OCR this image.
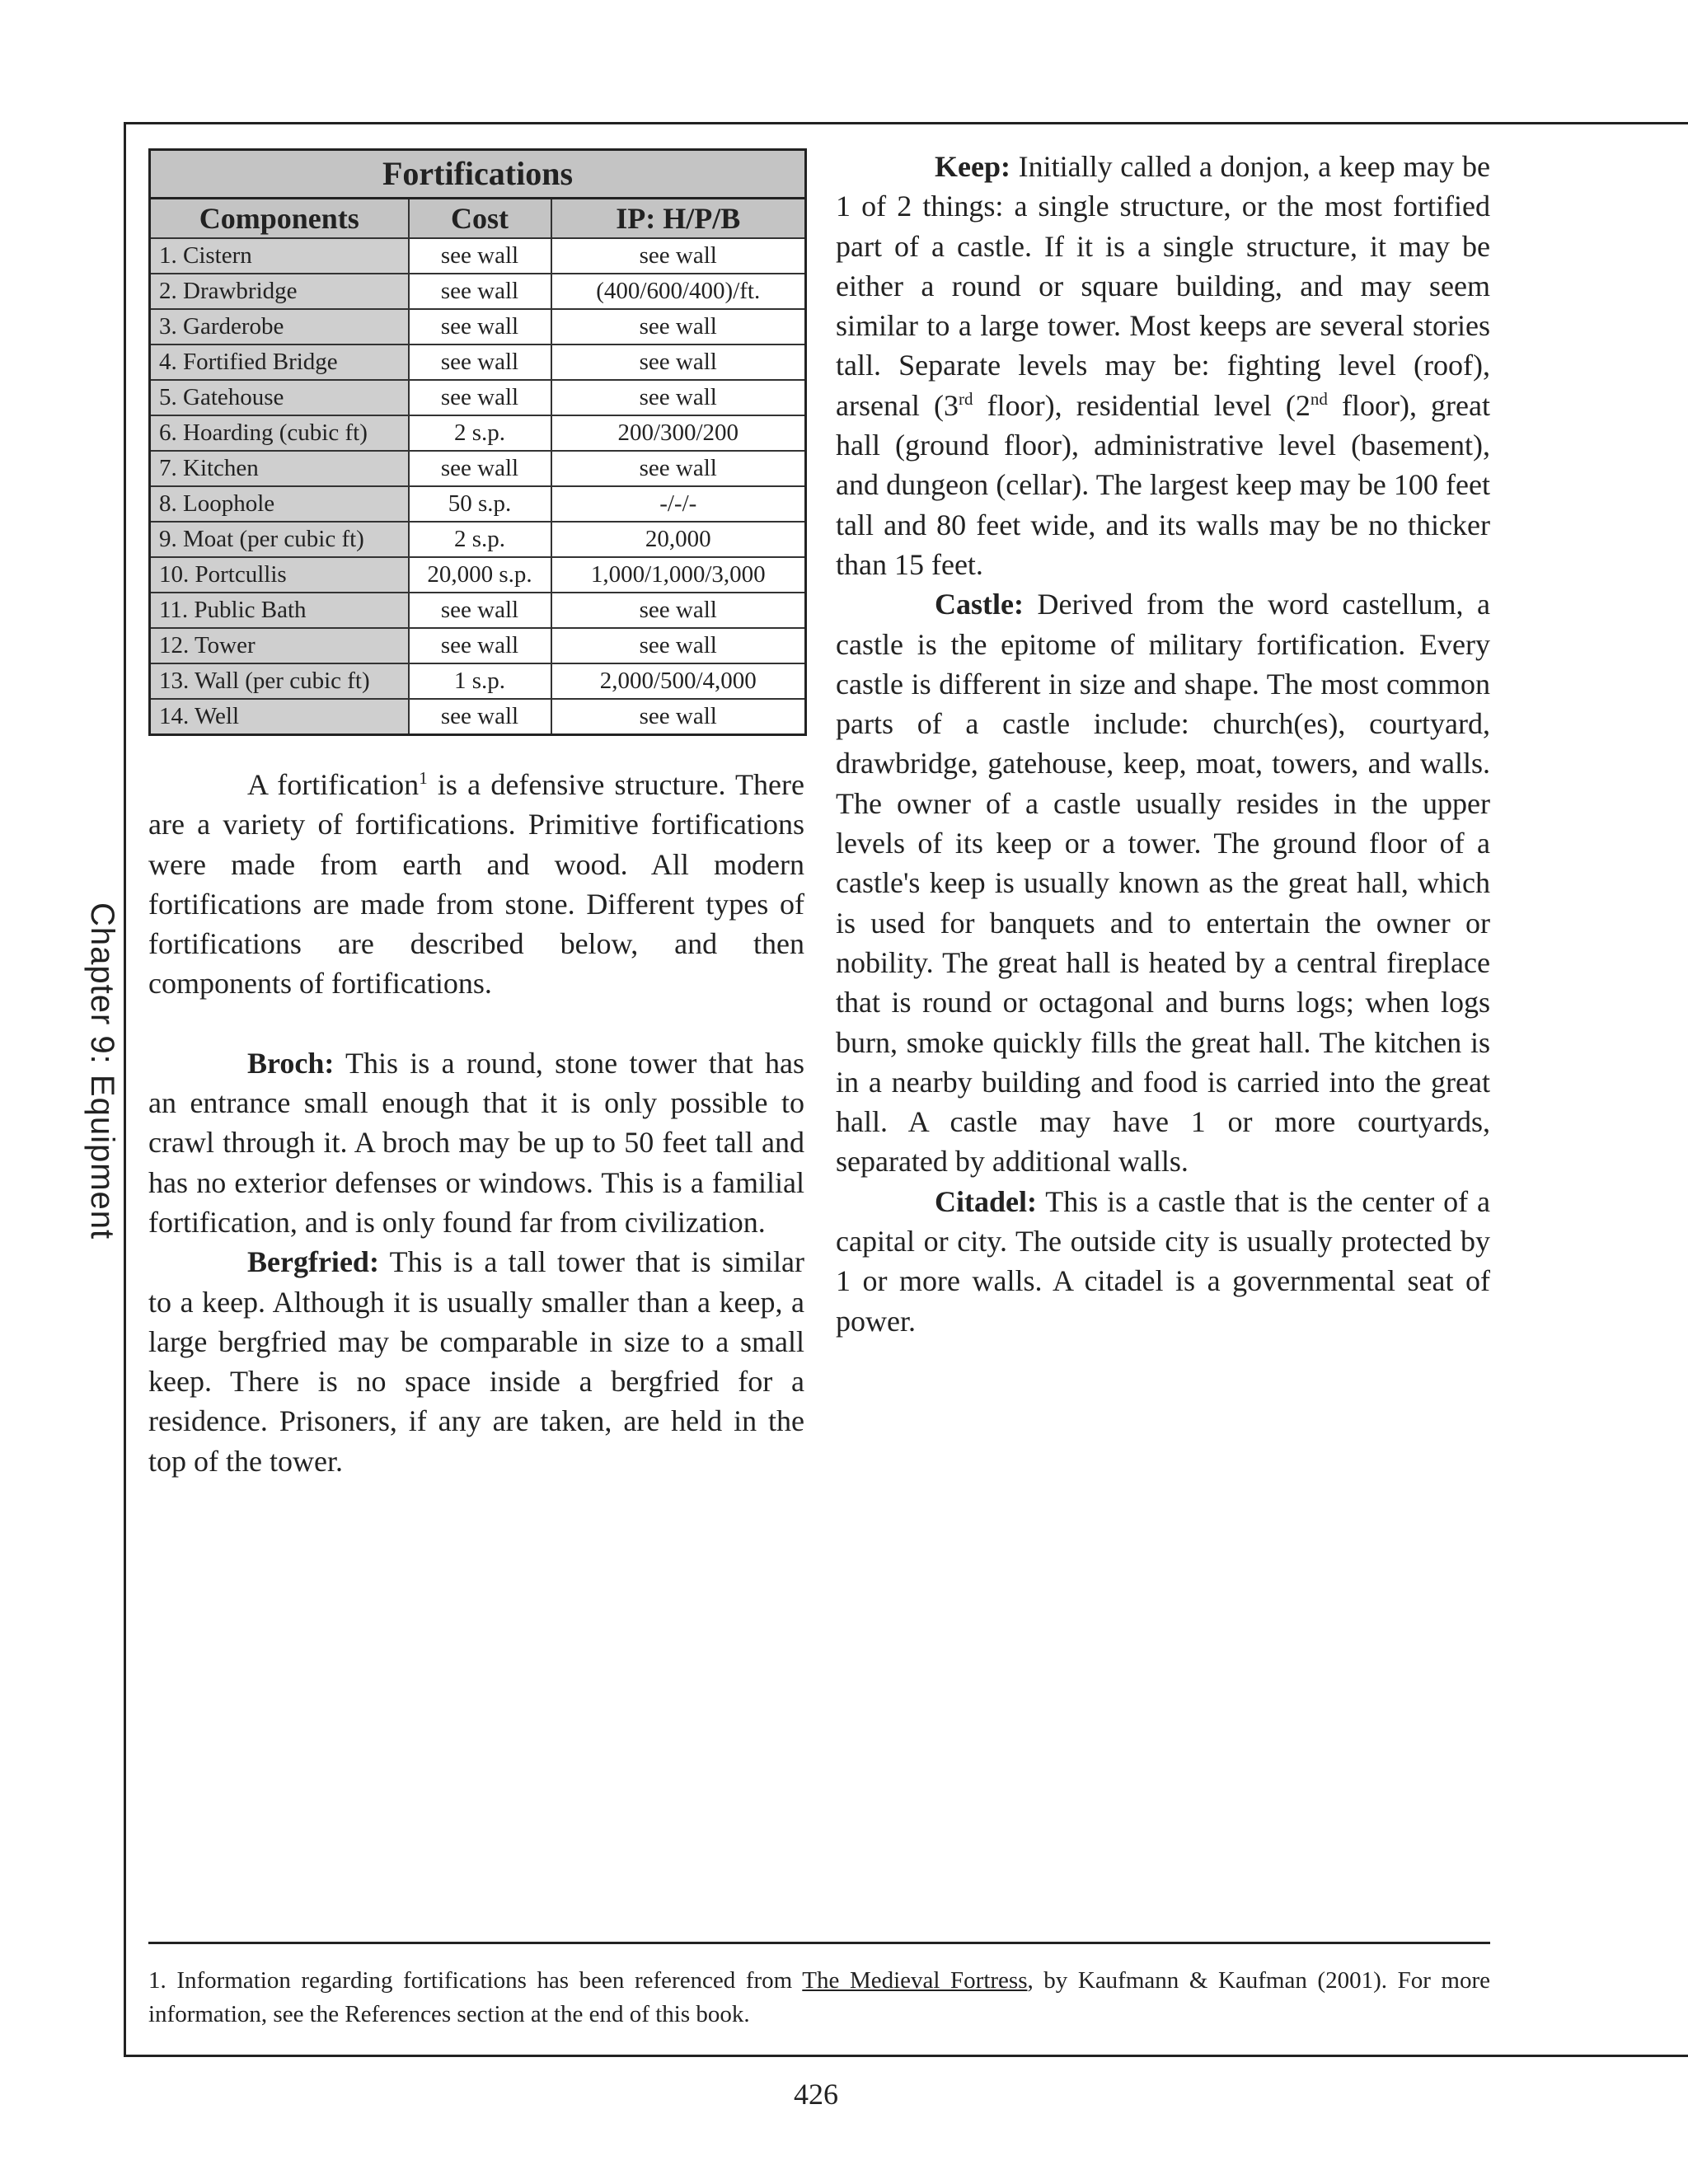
Chapter 9: Equipment
Fortifications
Components	Cost	IP: H/P/B
1. Cistern	see wall	see wall
2. Drawbridge	see wall	(400/600/400)/ft.
3. Garderobe	see wall	see wall
4. Fortified Bridge	see wall	see wall
5. Gatehouse	see wall	see wall
6. Hoarding (cubic ft)	2 s.p.	200/300/200
7. Kitchen	see wall	see wall
8. Loophole	50 s.p.	-/-/-
9. Moat (per cubic ft)	2 s.p.	20,000
10. Portcullis	20,000 s.p.	1,000/1,000/3,000
11. Public Bath	see wall	see wall
12. Tower	see wall	see wall
13. Wall (per cubic ft)	1 s.p.	2,000/500/4,000
14. Well	see wall	see wall

A fortification$^1$ is a defensive structure. There are a variety of fortifications. Primitive fortifications were made from earth and wood. All modern fortifications are made from stone. Different types of fortifications are described below, and then components of fortifications.

Broch: This is a round, stone tower that has an entrance small enough that it is only possible to crawl through it. A broch may be up to 50 feet tall and has no exterior defenses or windows. This is a familial fortification, and is only found far from civilization.

Bergfried: This is a tall tower that is similar to a keep. Although it is usually smaller than a keep, a large bergfried may be comparable in size to a small keep. There is no space inside a bergfried for a residence. Prisoners, if any are taken, are held in the top of the tower.

Keep: Initially called a donjon, a keep may be 1 of 2 things: a single structure, or the most fortified part of a castle. If it is a single structure, it may be either a round or square building, and may seem similar to a large tower. Most keeps are several stories tall. Separate levels may be: fighting level (roof), arsenal (3rd floor), residential level (2nd floor), great hall (ground floor), administrative level (basement), and dungeon (cellar). The largest keep may be 100 feet tall and 80 feet wide, and its walls may be no thicker than 15 feet.

Castle: Derived from the word castellum, a castle is the epitome of military fortification. Every castle is different in size and shape. The most common parts of a castle include: church(es), courtyard, drawbridge, gatehouse, keep, moat, towers, and walls. The owner of a castle usually resides in the upper levels of its keep or a tower. The ground floor of a castle's keep is usually known as the great hall, which is used for banquets and to entertain the owner or nobility. The great hall is heated by a central fireplace that is round or octagonal and burns logs; when logs burn, smoke quickly fills the great hall. The kitchen is in a nearby building and food is carried into the great hall. A castle may have 1 or more courtyards, separated by additional walls.

Citadel: This is a castle that is the center of a capital or city. The outside city is usually protected by 1 or more walls. A citadel is a governmental seat of power.

1. Information regarding fortifications has been referenced from The Medieval Fortress, by Kaufmann & Kaufman (2001). For more information, see the References section at the end of this book.
426
